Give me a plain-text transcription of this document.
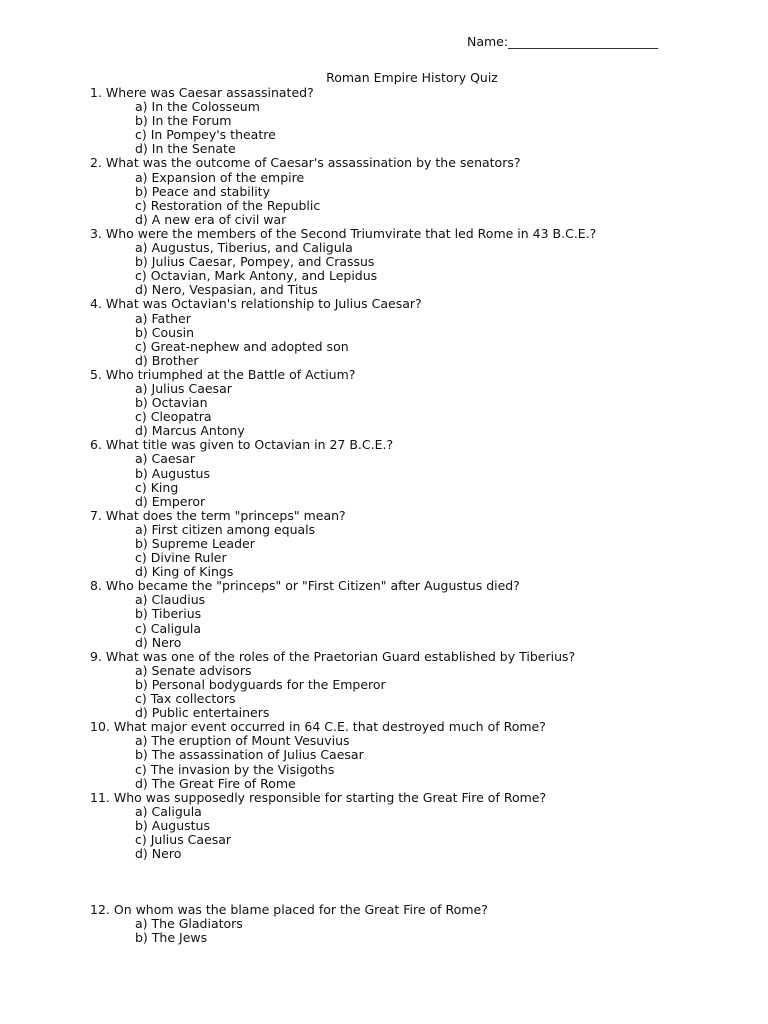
Name:________________________
Roman Empire History Quiz
1. Where was Caesar assassinated?
a) In the Colosseum
b) In the Forum
c) In Pompey's theatre
d) In the Senate
2. What was the outcome of Caesar's assassination by the senators?
a) Expansion of the empire
b) Peace and stability
c) Restoration of the Republic
d) A new era of civil war
3. Who were the members of the Second Triumvirate that led Rome in 43 B.C.E.?
a) Augustus, Tiberius, and Caligula
b) Julius Caesar, Pompey, and Crassus
c) Octavian, Mark Antony, and Lepidus
d) Nero, Vespasian, and Titus
4. What was Octavian's relationship to Julius Caesar?
a) Father
b) Cousin
c) Great-nephew and adopted son
d) Brother
5. Who triumphed at the Battle of Actium?
a) Julius Caesar
b) Octavian
c) Cleopatra
d) Marcus Antony
6. What title was given to Octavian in 27 B.C.E.?
a) Caesar
b) Augustus
c) King
d) Emperor
7. What does the term "princeps" mean?
a) First citizen among equals
b) Supreme Leader
c) Divine Ruler
d) King of Kings
8. Who became the "princeps" or "First Citizen" after Augustus died?
a) Claudius
b) Tiberius
c) Caligula
d) Nero
9. What was one of the roles of the Praetorian Guard established by Tiberius?
a) Senate advisors
b) Personal bodyguards for the Emperor
c) Tax collectors
d) Public entertainers
10. What major event occurred in 64 C.E. that destroyed much of Rome?
a) The eruption of Mount Vesuvius
b) The assassination of Julius Caesar
c) The invasion by the Visigoths
d) The Great Fire of Rome
11. Who was supposedly responsible for starting the Great Fire of Rome?
a) Caligula
b) Augustus
c) Julius Caesar
d) Nero
12. On whom was the blame placed for the Great Fire of Rome?
a) The Gladiators
b) The Jews
